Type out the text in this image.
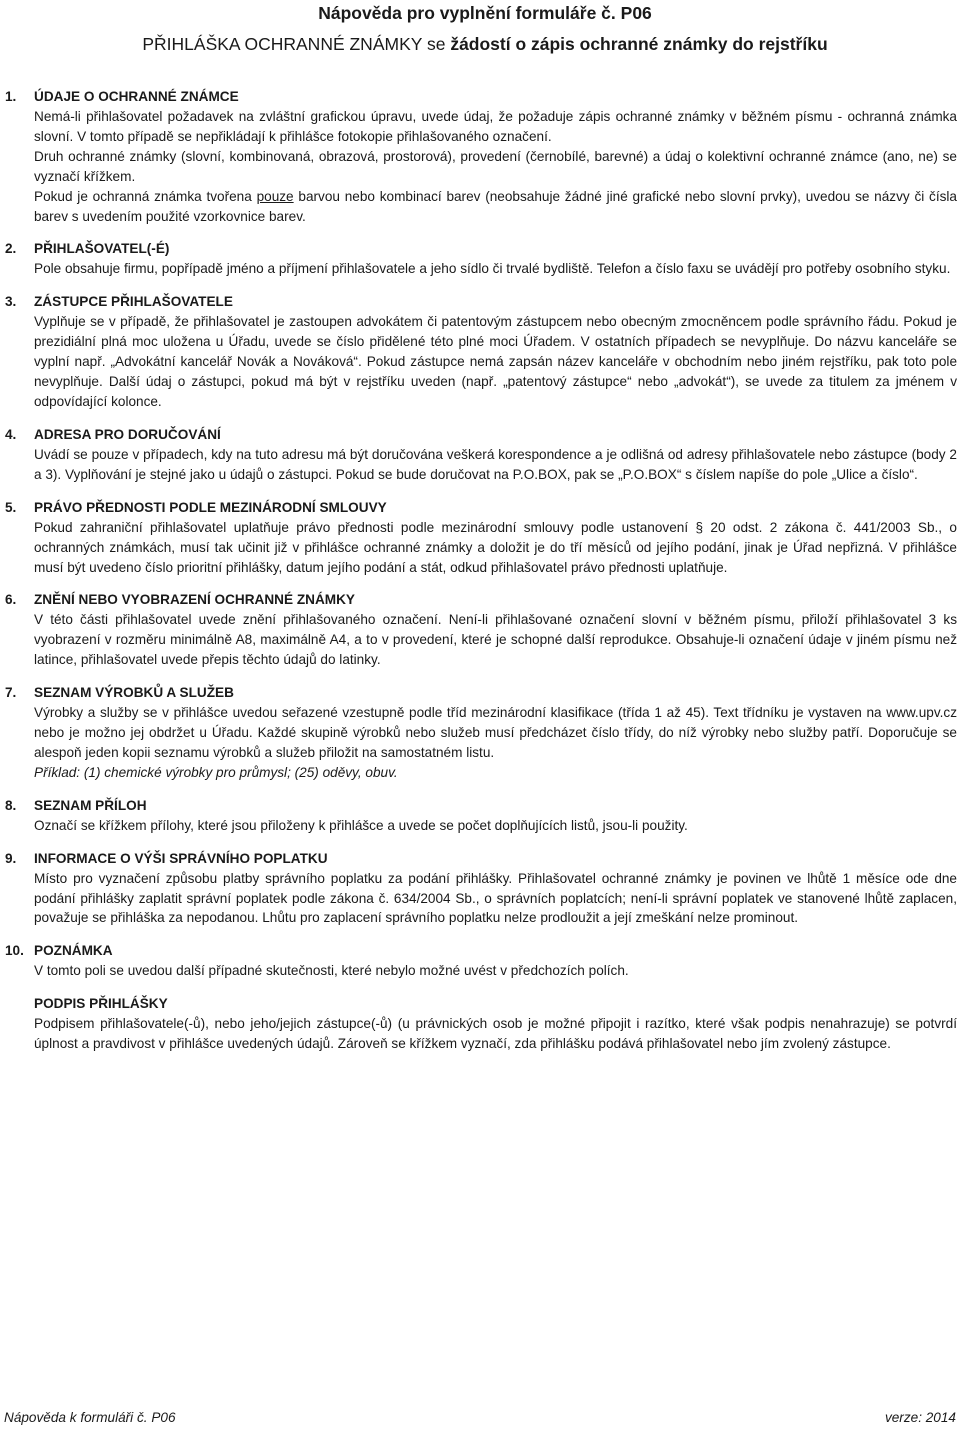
Nápověda pro vyplnění formuláře č. P06
PŘIHLÁŠKA OCHRANNÉ ZNÁMKY se žádostí o zápis ochranné známky do rejstříku
1. ÚDAJE O OCHRANNÉ ZNÁMCE

Nemá-li přihlašovatel požadavek na zvláštní grafickou úpravu, uvede údaj, že požaduje zápis ochranné známky v běžném písmu - ochranná známka slovní. V tomto případě se nepřikládají k přihlášce fotokopie přihlašovaného označení.

Druh ochranné známky (slovní, kombinovaná, obrazová, prostorová), provedení (černobílé, barevné) a údaj o kolektivní ochranné známce (ano, ne) se vyznačí křížkem.

Pokud je ochranná známka tvořena pouze barvou nebo kombinací barev (neobsahuje žádné jiné grafické nebo slovní prvky), uvedou se názvy či čísla barev s uvedením použité vzorkovnice barev.

2. PŘIHLAŠOVATEL(-É)

Pole obsahuje firmu, popřípadě jméno a příjmení přihlašovatele a jeho sídlo či trvalé bydliště. Telefon a číslo faxu se uvádějí pro potřeby osobního styku.

3. ZÁSTUPCE PŘIHLAŠOVATELE

Vyplňuje se v případě, že přihlašovatel je zastoupen advokátem či patentovým zástupcem nebo obecným zmocněncem podle správního řádu. Pokud je prezidiální plná moc uložena u Úřadu, uvede se číslo přidělené této plné moci Úřadem. V ostatních případech se nevyplňuje. Do názvu kanceláře se vyplní např. „Advokátní kancelář Novák a Nováková“. Pokud zástupce nemá zapsán název kanceláře v obchodním nebo jiném rejstříku, pak toto pole nevyplňuje. Další údaj o zástupci, pokud má být v rejstříku uveden (např. „patentový zástupce“ nebo „advokát“), se uvede za titulem za jménem v odpovídající kolonce.

4. ADRESA PRO DORUČOVÁNÍ

Uvádí se pouze v případech, kdy na tuto adresu má být doručována veškerá korespondence a je odlišná od adresy přihlašovatele nebo zástupce (body 2 a 3). Vyplňování je stejné jako u údajů o zástupci. Pokud se bude doručovat na P.O.BOX, pak se „P.O.BOX“ s číslem napíše do pole „Ulice a číslo“.

5. PRÁVO PŘEDNOSTI PODLE MEZINÁRODNÍ SMLOUVY

Pokud zahraniční přihlašovatel uplatňuje právo přednosti podle mezinárodní smlouvy podle ustanovení § 20 odst. 2 zákona č. 441/2003 Sb., o ochranných známkách, musí tak učinit již v přihlášce ochranné známky a doložit je do tří měsíců od jejího podání, jinak je Úřad nepřizná. V přihlášce musí být uvedeno číslo prioritní přihlášky, datum jejího podání a stát, odkud přihlašovatel právo přednosti uplatňuje.

6. ZNĚNÍ NEBO VYOBRAZENÍ OCHRANNÉ ZNÁMKY

V této části přihlašovatel uvede znění přihlašovaného označení. Není-li přihlašované označení slovní v běžném písmu, přiloží přihlašovatel 3 ks vyobrazení v rozměru minimálně A8, maximálně A4, a to v provedení, které je schopné další reprodukce. Obsahuje-li označení údaje v jiném písmu než latince, přihlašovatel uvede přepis těchto údajů do latinky.

7. SEZNAM VÝROBKŮ A SLUŽEB

Výrobky a služby se v přihlášce uvedou seřazené vzestupně podle tříd mezinárodní klasifikace (třída 1 až 45). Text třídníku je vystaven na www.upv.cz nebo je možno jej obdržet u Úřadu. Každé skupině výrobků nebo služeb musí předcházet číslo třídy, do níž výrobky nebo služby patří. Doporučuje se alespoň jeden kopii seznamu výrobků a služeb přiložit na samostatném listu.

Příklad: (1) chemické výrobky pro průmysl; (25) oděvy, obuv.

8. SEZNAM PŘÍLOH

Označí se křížkem přílohy, které jsou přiloženy k přihlášce a uvede se počet doplňujících listů, jsou-li použity.

9. INFORMACE O VÝŠI SPRÁVNÍHO POPLATKU

Místo pro vyznačení způsobu platby správního poplatku za podání přihlášky. Přihlašovatel ochranné známky je povinen ve lhůtě 1 měsíce ode dne podání přihlášky zaplatit správní poplatek podle zákona č. 634/2004 Sb., o správních poplatcích; není-li správní poplatek ve stanovené lhůtě zaplacen, považuje se přihláška za nepodanou. Lhůtu pro zaplacení správního poplatku nelze prodloužit a její zmeškání nelze prominout.

10. POZNÁMKA

V tomto poli se uvedou další případné skutečnosti, které nebylo možné uvést v předchozích polích.

PODPIS PŘIHLÁŠKY

Podpisem přihlašovatele(-ů), nebo jeho/jejich zástupce(-ů) (u právnických osob je možné připojit i razítko, které však podpis nenahrazuje) se potvrdí úplnost a pravdivost v přihlášce uvedených údajů. Zároveň se křížkem vyznačí, zda přihlášku podává přihlašovatel nebo jím zvolený zástupce.

Nápověda k formuláři č. P06	verze: 2014
